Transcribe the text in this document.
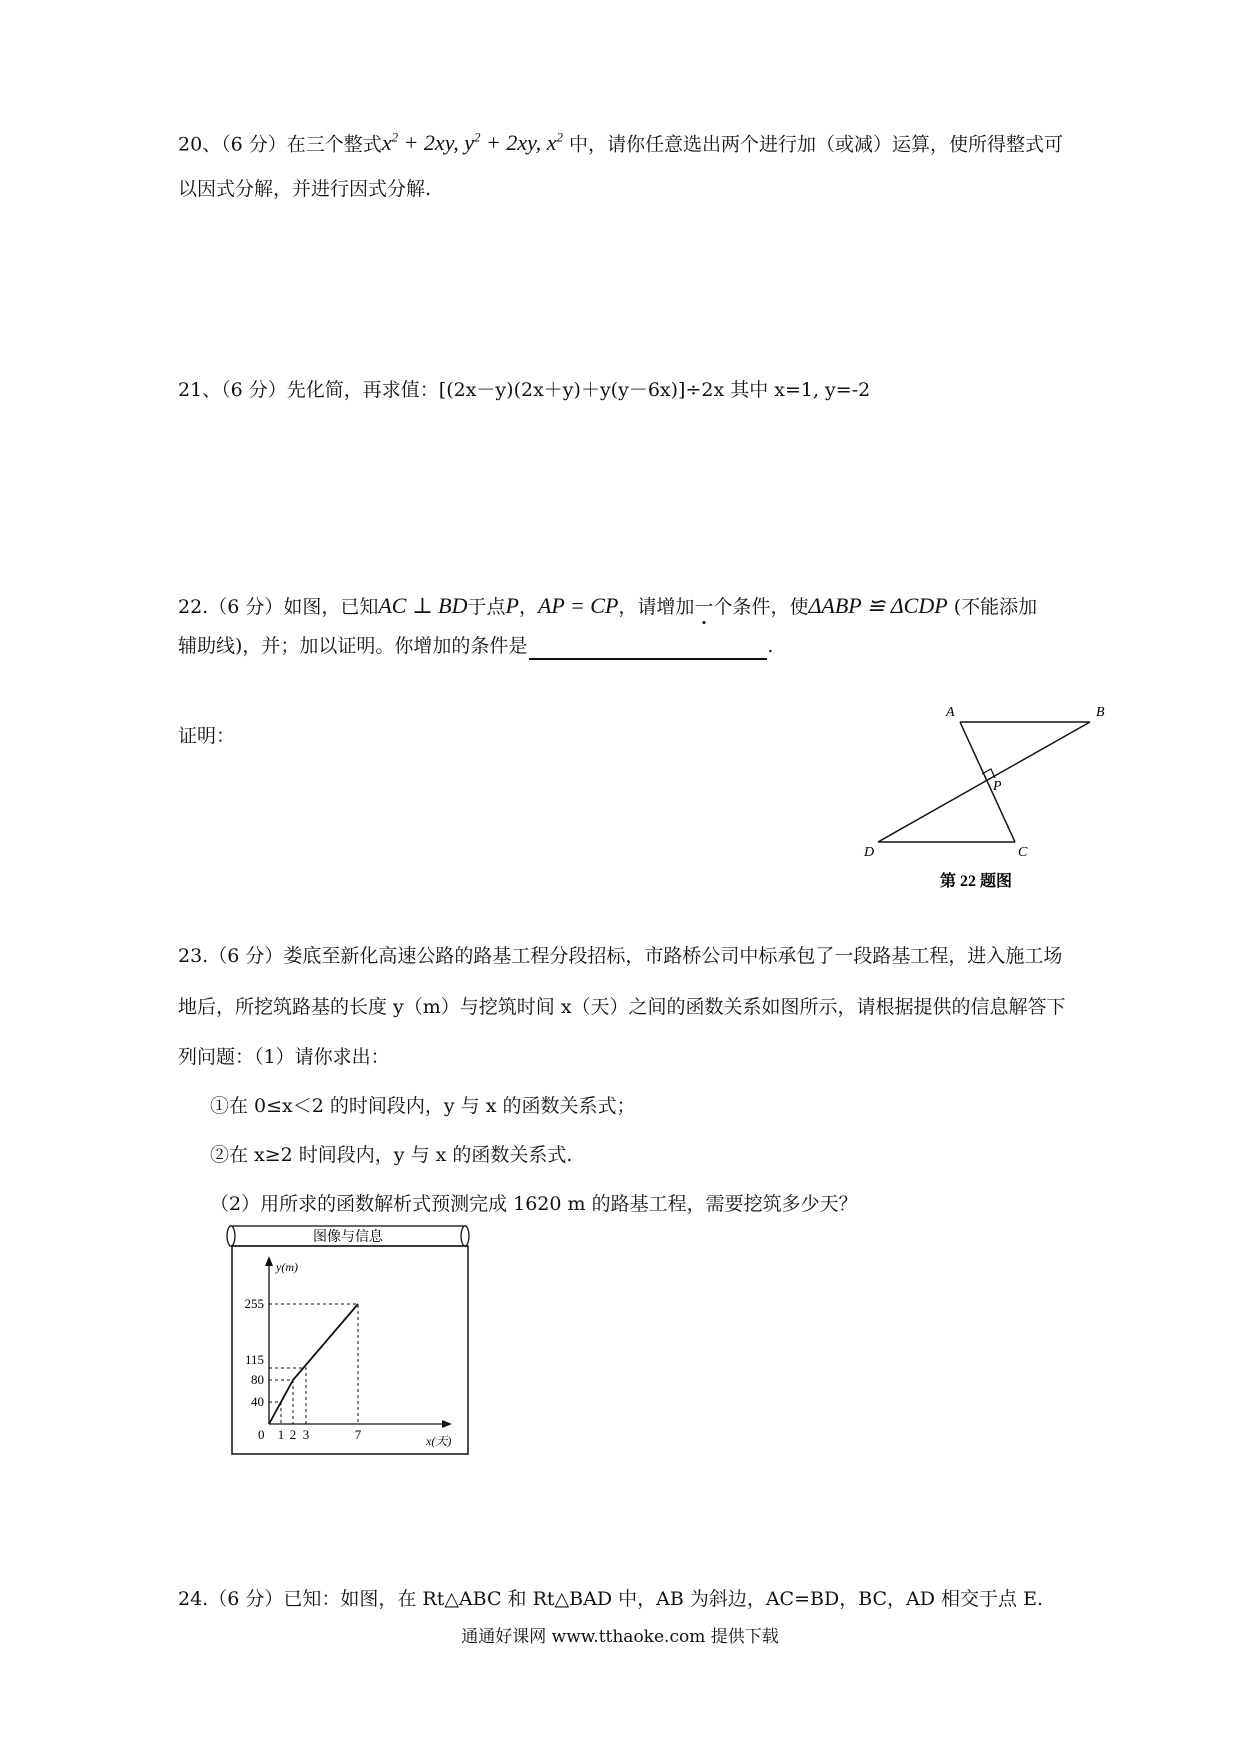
20、（6 分）在三个整式$x^2 + 2xy$, $y^2 + 2xy$, $x^2$ 中，请你任意选出两个进行加（或减）运算，使所得整式可
以因式分解，并进行因式分解.
21、（6 分）先化简，再求值：[(2x－y)(2x＋y)＋y(y－6x)]÷2x 其中 x=1, y=-2
22.（6 分）如图，已知AC ⊥ BD于点P，AP = CP，请增加一个条件，使ΔABP ≌ ΔCDP (不能添加
辅助线)，并；加以证明。你增加的条件是	.
证明：
A	B
P
C
D
第 22 题图
23.（6 分）娄底至新化高速公路的路基工程分段招标，市路桥公司中标承包了一段路基工程，进入施工场
地后，所挖筑路基的长度 y（m）与挖筑时间 x（天）之间的函数关系如图所示，请根据提供的信息解答下
列问题：（1）请你求出：
①在 0≤x＜2 的时间段内，y 与 x 的函数关系式；
②在 x≥2 时间段内，y 与 x 的函数关系式.
（2）用所求的函数解析式预测完成 1620 m 的路基工程，需要挖筑多少天？
图像与信息
y(m)
x(天)
0
255
115
80
40
1 2 3	7
24.（6 分）已知：如图，在 Rt△ABC 和 Rt△BAD 中，AB 为斜边，AC=BD，BC，AD 相交于点 E.
通通好课网 www.tthaoke.com 提供下载
